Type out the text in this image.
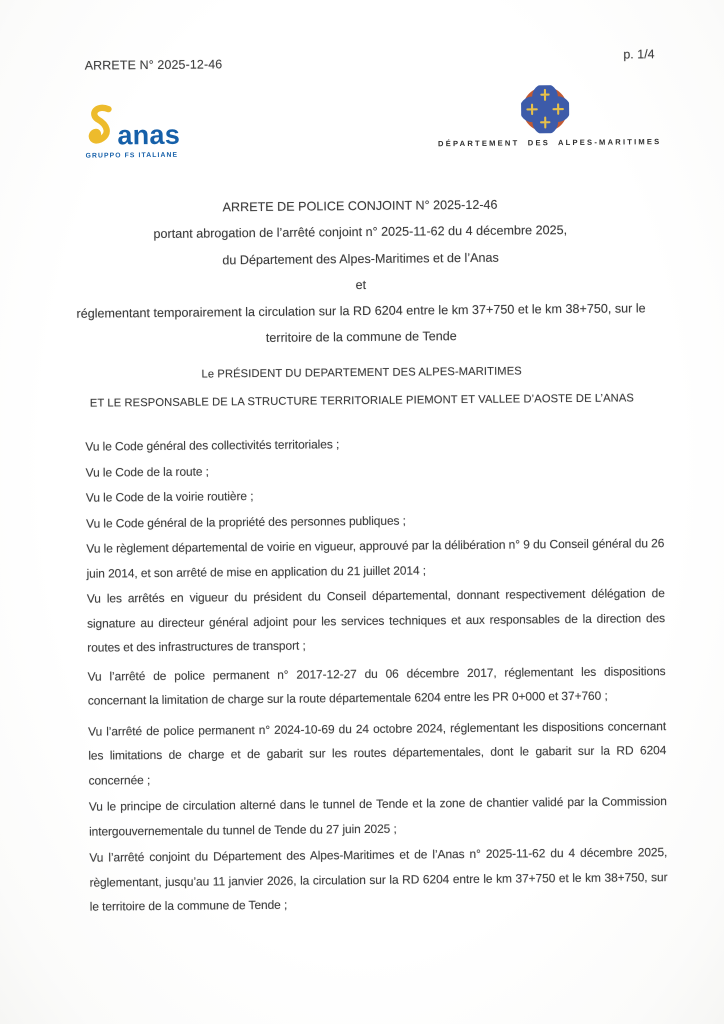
ARRETE N° 2025-12-46
p. 1/4
anas
GRUPPO FS ITALIANE
DÉPARTEMENT DES ALPES-MARITIMES
ARRETE DE POLICE CONJOINT N° 2025-12-46
portant abrogation de l’arrêté conjoint n° 2025-11-62 du 4 décembre 2025,
du Département des Alpes-Maritimes et de l’Anas
et
réglementant temporairement la circulation sur la RD 6204 entre le km 37+750 et le km 38+750, sur le
territoire de la commune de Tende
Le PRÉSIDENT DU DEPARTEMENT DES ALPES-MARITIMES
ET LE RESPONSABLE DE LA STRUCTURE TERRITORIALE PIEMONT ET VALLEE D’AOSTE DE L’ANAS

Vu le Code général des collectivités territoriales ;

Vu le Code de la route ;

Vu le Code de la voirie routière ;

Vu le Code général de la propriété des personnes publiques ;

Vu le règlement départemental de voirie en vigueur, approuvé par la délibération n° 9 du Conseil général du 26 juin 2014, et son arrêté de mise en application du 21 juillet 2014 ;

Vu les arrêtés en vigueur du président du Conseil départemental, donnant respectivement délégation de signature au directeur général adjoint pour les services techniques et aux responsables de la direction des routes et des infrastructures de transport ;

Vu l’arrêté de police permanent n° 2017-12-27 du 06 décembre 2017, réglementant les dispositions concernant la limitation de charge sur la route départementale 6204 entre les PR 0+000 et 37+760 ;

Vu l’arrêté de police permanent n° 2024-10-69 du 24 octobre 2024, réglementant les dispositions concernant les limitations de charge et de gabarit sur les routes départementales, dont le gabarit sur la RD 6204 concernée ;

Vu le principe de circulation alterné dans le tunnel de Tende et la zone de chantier validé par la Commission intergouvernementale du tunnel de Tende du 27 juin 2025 ;

Vu l’arrêté conjoint du Département des Alpes-Maritimes et de l’Anas n° 2025-11-62 du 4 décembre 2025, règlementant, jusqu’au 11 janvier 2026, la circulation sur la RD 6204 entre le km 37+750 et le km 38+750, sur le territoire de la commune de Tende ;
